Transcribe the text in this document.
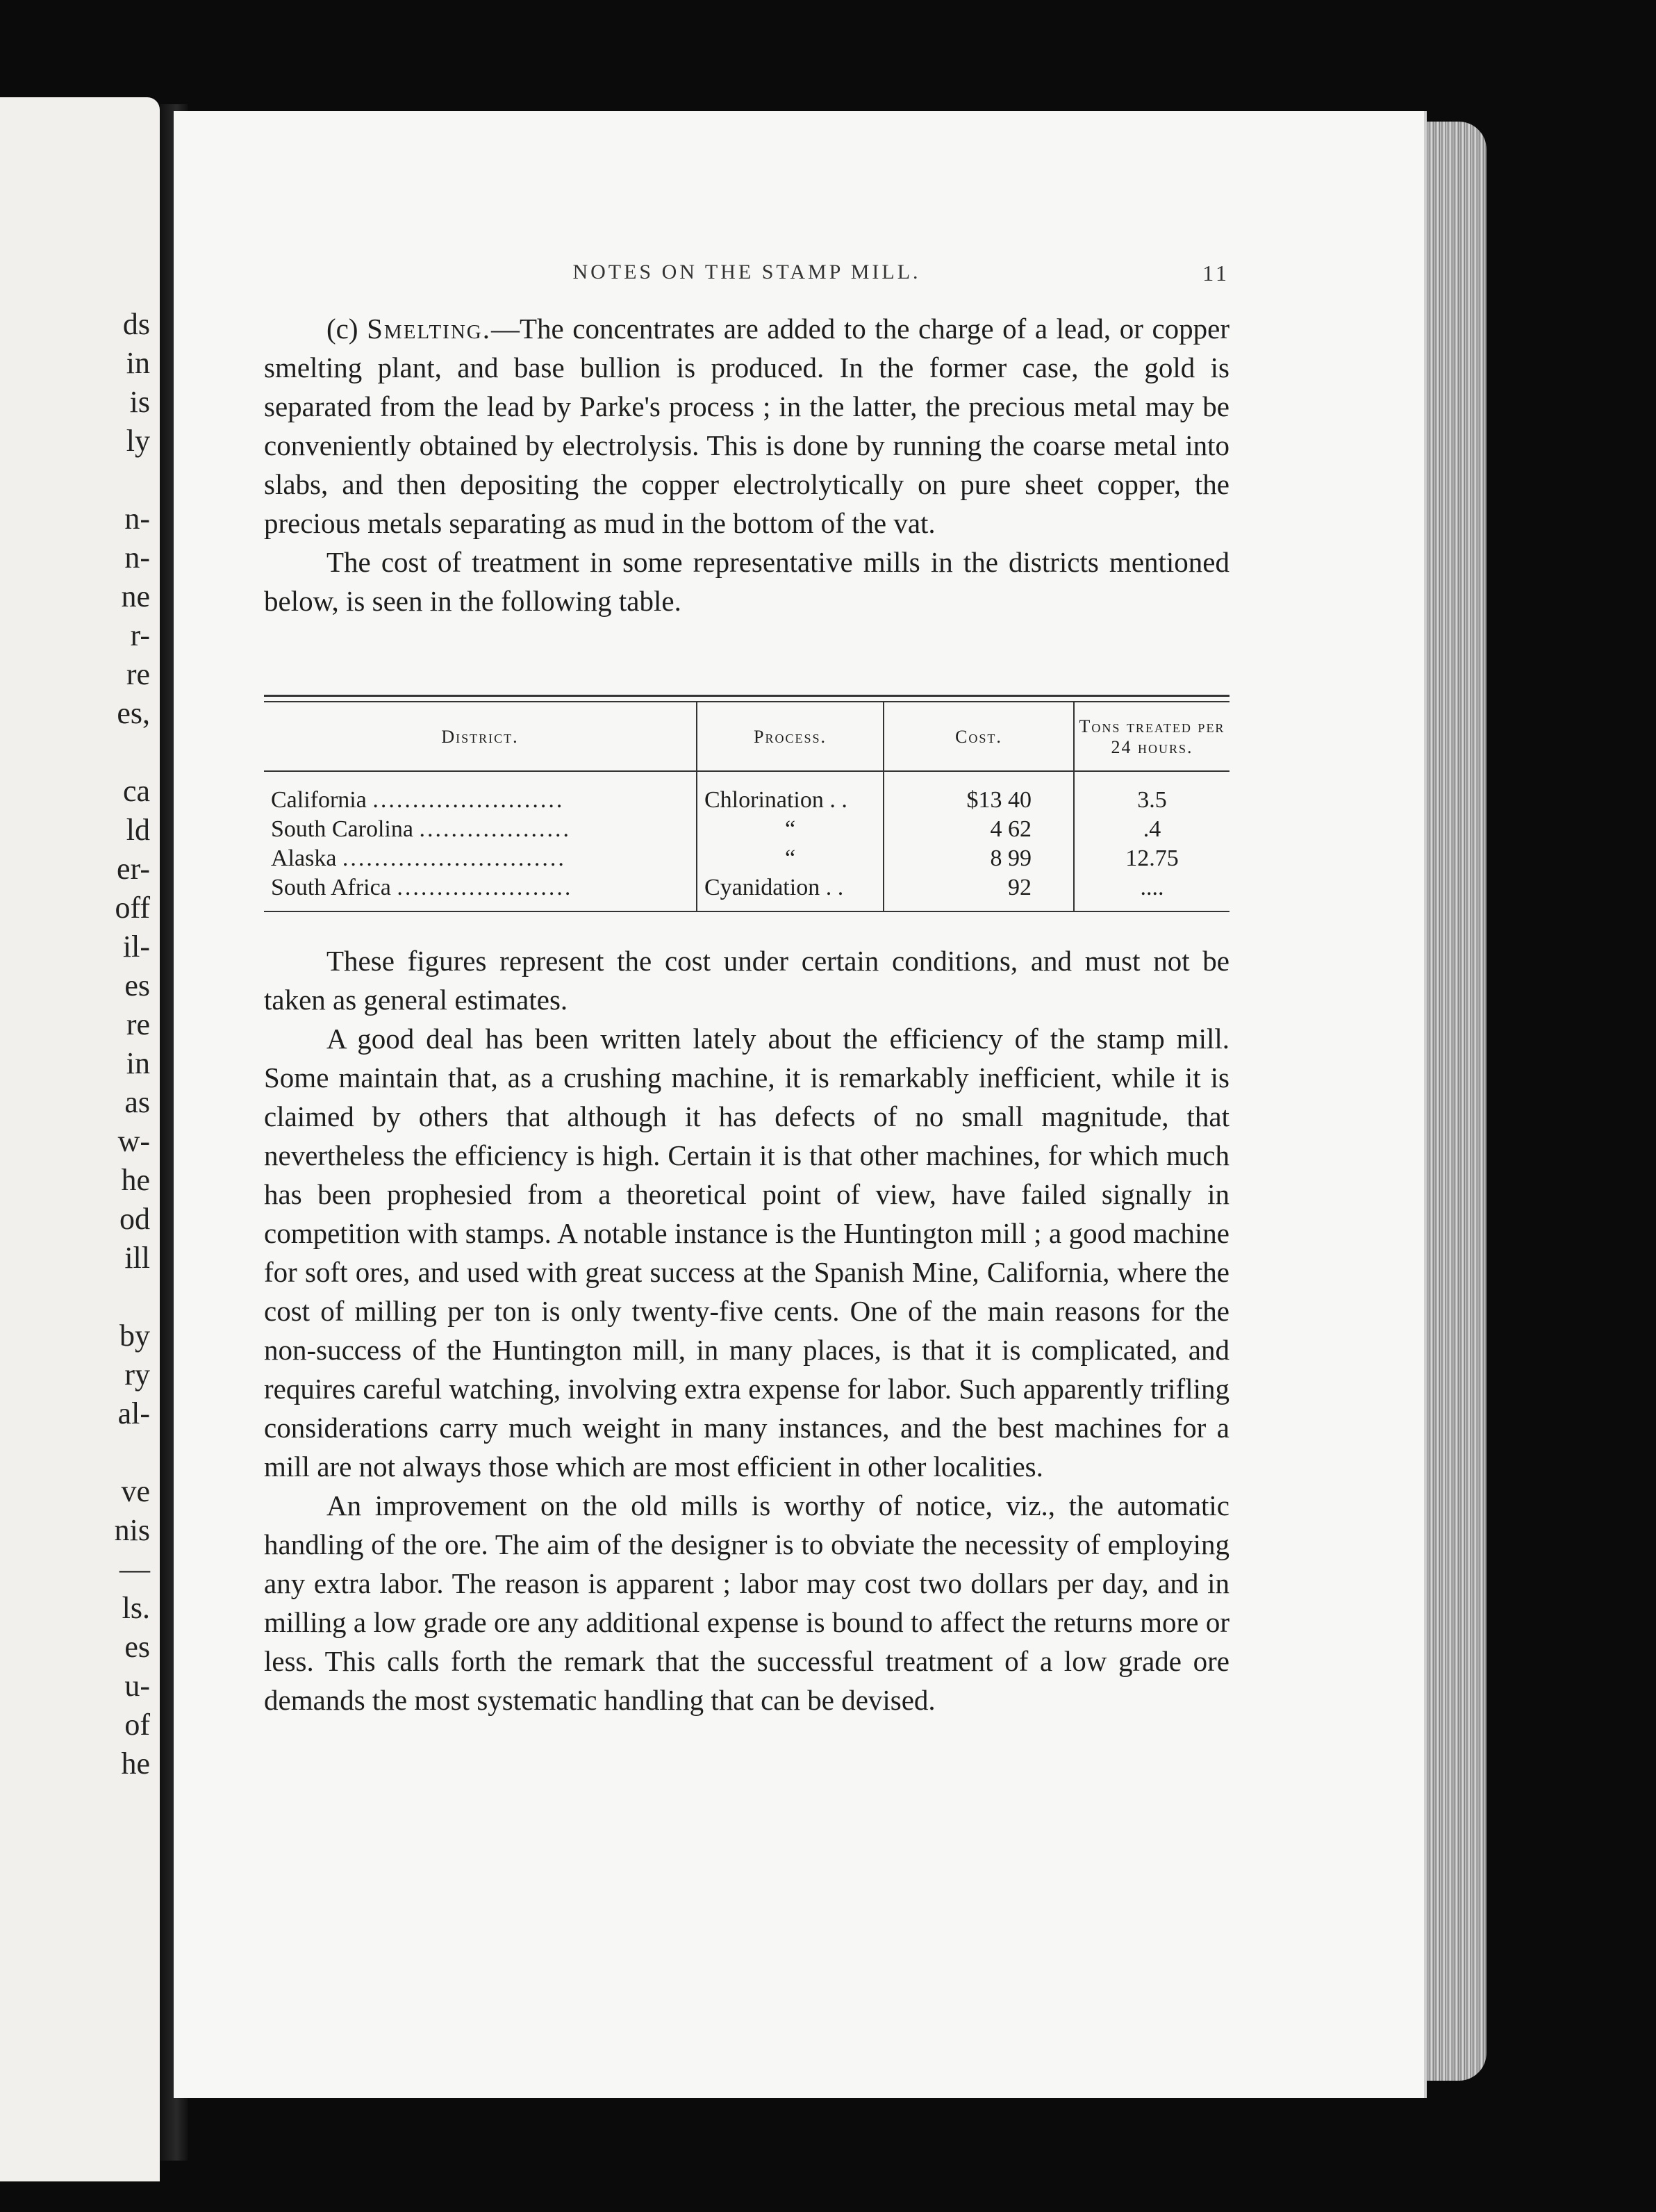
ds
in
is
ly
n-
n-
ne
r-
re
es,
ca
ld
er-
off
il-
es
re
in
as
w-
he
od
ill
by
ry
al-
ve
nis
—
ls.
es
u-
of
he
NOTES ON THE STAMP MILL.	11

(c) Smelting.—The concentrates are added to the charge of a lead, or copper smelting plant, and base bullion is produced. In the former case, the gold is separated from the lead by Parke's process ; in the latter, the precious metal may be conveniently obtained by electrolysis. This is done by running the coarse metal into slabs, and then depositing the copper electrolytically on pure sheet copper, the precious metals separating as mud in the bottom of the vat.

The cost of treatment in some representative mills in the districts mentioned below, is seen in the following table.

District.	Process.	Cost.	Tons treated per 24 hours.
California ........................	Chlorination . .	$13 40	3.5
South Carolina ...................	“	4 62	.4
Alaska ............................	“	8 99	12.75
South Africa ......................	Cyanidation . .	92	....

These figures represent the cost under certain conditions, and must not be taken as general estimates.

A good deal has been written lately about the efficiency of the stamp mill. Some maintain that, as a crushing machine, it is remarkably inefficient, while it is claimed by others that although it has defects of no small magnitude, that nevertheless the efficiency is high. Certain it is that other machines, for which much has been prophesied from a theoretical point of view, have failed signally in competition with stamps. A notable instance is the Huntington mill ; a good machine for soft ores, and used with great success at the Spanish Mine, California, where the cost of milling per ton is only twenty-five cents. One of the main reasons for the non-success of the Huntington mill, in many places, is that it is complicated, and requires careful watching, involving extra expense for labor. Such apparently trifling considerations carry much weight in many instances, and the best machines for a mill are not always those which are most efficient in other localities.

An improvement on the old mills is worthy of notice, viz., the automatic handling of the ore. The aim of the designer is to obviate the necessity of employing any extra labor. The reason is apparent ; labor may cost two dollars per day, and in milling a low grade ore any additional expense is bound to affect the returns more or less. This calls forth the remark that the successful treatment of a low grade ore demands the most systematic handling that can be devised.
